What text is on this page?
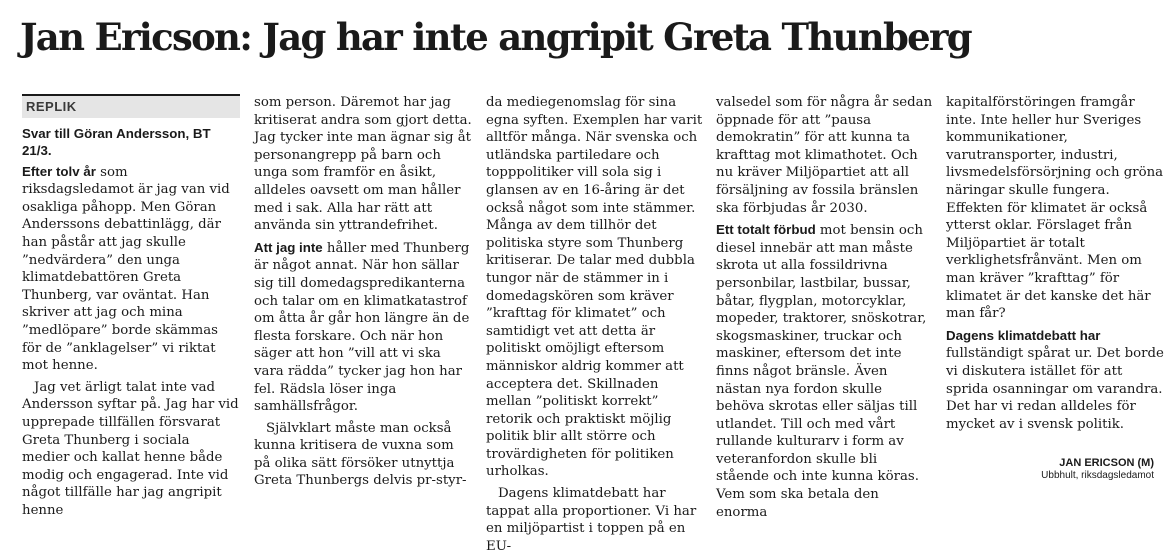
Jan Ericson: Jag har inte angripit Greta Thunberg
REPLIK

Svar till Göran Andersson, BT 21/3.

Efter tolv år som riksdagsledamot är jag van vid osakliga påhopp. Men Göran Anderssons debattinlägg, där han påstår att jag skulle ”nedvärdera” den unga klimatdebattören Greta Thunberg, var oväntat. Han skriver att jag och mina ”medlöpare” borde skämmas för de ”anklagelser” vi riktat mot henne.

Jag vet ärligt talat inte vad Andersson syftar på. Jag har vid upprepade tillfällen försvarat Greta Thunberg i sociala medier och kallat henne både modig och engagerad. Inte vid något tillfälle har jag angripit henne

som person. Däremot har jag kritiserat andra som gjort detta. Jag tycker inte man ägnar sig åt personangrepp på barn och unga som framför en åsikt, alldeles oavsett om man håller med i sak. Alla har rätt att använda sin yttrandefrihet.

Att jag inte håller med Thunberg är något annat. När hon sällar sig till domedagspredikanterna och talar om en klimatkatastrof om åtta år går hon längre än de flesta forskare. Och när hon säger att hon ”vill att vi ska vara rädda” tycker jag hon har fel. Rädsla löser inga samhällsfrågor.

Självklart måste man också kunna kritisera de vuxna som på olika sätt försöker utnyttja Greta Thunbergs delvis pr-styr-

da mediegenomslag för sina egna syften. Exemplen har varit alltför många. När svenska och utländska partiledare och topppolitiker vill sola sig i glansen av en 16-åring är det också något som inte stämmer. Många av dem tillhör det politiska styre som Thunberg kritiserar. De talar med dubbla tungor när de stämmer in i domedagskören som kräver ”krafttag för klimatet” och samtidigt vet att detta är politiskt omöjligt eftersom människor aldrig kommer att acceptera det. Skillnaden mellan ”politiskt korrekt” retorik och praktiskt möjlig politik blir allt större och trovärdigheten för politiken urholkas.

Dagens klimatdebatt har tappat alla proportioner. Vi har en miljöpartist i toppen på en EU-

valsedel som för några år sedan öppnade för att ”pausa demokratin” för att kunna ta krafttag mot klimathotet. Och nu kräver Miljöpartiet att all försäljning av fossila bränslen ska förbjudas år 2030.

Ett totalt förbud mot bensin och diesel innebär att man måste skrota ut alla fossildrivna personbilar, lastbilar, bussar, båtar, flygplan, motorcyklar, mopeder, traktorer, snöskotrar, skogsmaskiner, truckar och maskiner, eftersom det inte finns något bränsle. Även nästan nya fordon skulle behöva skrotas eller säljas till utlandet. Till och med vårt rullande kulturarv i form av veteranfordon skulle bli stående och inte kunna köras. Vem som ska betala den enorma

kapitalförstöringen framgår inte. Inte heller hur Sveriges kommunikationer, varutransporter, industri, livsmedelsförsörjning och gröna näringar skulle fungera. Effekten för klimatet är också ytterst oklar. Förslaget från Miljöpartiet är totalt verklighetsfrånvänt. Men om man kräver ”krafttag” för klimatet är det kanske det här man får?

Dagens klimatdebatt har fullständigt spårat ur. Det borde vi diskutera istället för att sprida osanningar om varandra. Det har vi redan alldeles för mycket av i svensk politik.

JAN ERICSON (M)
Ubbhult, riksdagsledamot
